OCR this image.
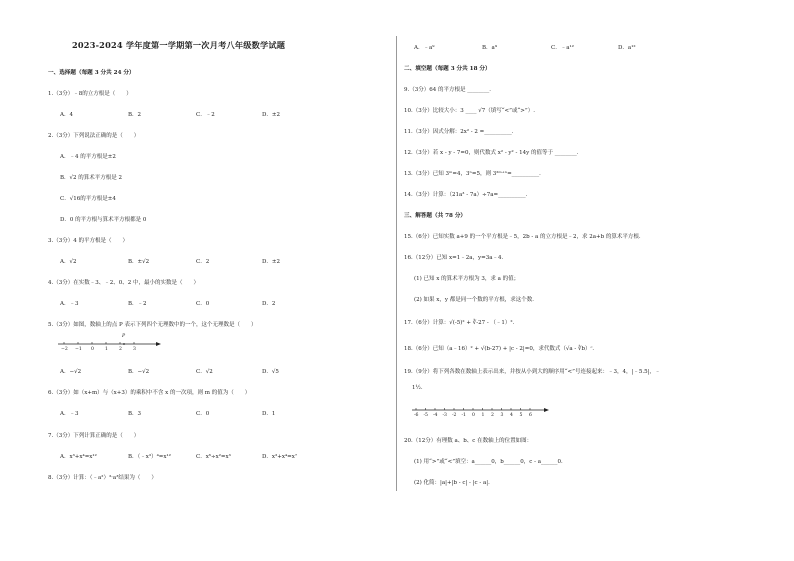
2023-2024 学年度第一学期第一次月考八年级数学试题
一、选择题（每题 3 分共 24 分）
1.（3分）﹣8的立方根是（　　）
A．4	B．2	C．﹣2	D．±2
2.（3分）下列说法正确的是（　　）
A．﹣4 的平方根是±2
B．√2 的算术平方根是 2
C．√16的平方根是±4
D．0 的平方根与算术平方根都是 0
3.（3分）4 的平方根是（　　）
A．√2	B．±√2	C．2	D．±2
4.（3分）在实数﹣3、﹣2、0、2 中，最小的实数是（　　）
A．﹣3	B．﹣2	C．0	D．2
5.（3分）如图，数轴上的点 P 表示下列四个无理数中的一个，这个无理数是（　　）
−2 −1 0 1 2 3
P
A．−√2	B．−√2	C．√2	D．√5
6.（3分）如（x+m）与（x+3）的乘积中不含 x 的一次项，则 m 的值为（　　）
A．﹣3	B．3	C．0	D．1
7.（3分）下列计算正确的是（　　）
A．x³+x⁴=x¹²	B．（﹣x³）⁴=x¹²	C．x⁶÷x²=x³	D．x³+x⁴=x⁷
8.（3分）计算：（﹣a²）³·a³结果为（　　）
A．﹣a⁹	B．a⁹	C．﹣a¹²	D．a¹²
二、填空题（每题 3 分共 18 分）
9.（3分）64 的平方根是 ________．
10.（3分）比较大小：3 ____ √7（填写“<”或“>”）.
11.（3分）因式分解：2x² - 2 =__________．
12.（3分）若 x - y - 7=0，则代数式 x² - y² - 14y 的值等于 ________．
13.（3分）已知 3ᵐ=4，3ⁿ=5，则 3²ᵐ⁺ⁿ=__________．
14.（3分）计算：（21a³ - 7a）÷7a=__________．
三、解答题（共 78 分）
15.（6分）已知实数 a+9 的一个平方根是﹣5，2b - a 的立方根是﹣2，求 2a+b 的算术平方根．
16.（12分）已知 x=1﹣2a，y=3a﹣4．
(1) 已知 x 的算术平方根为 3，求 a 的值；
(2) 如果 x，y 都是同一个数的平方根，求这个数．
17.（6分）计算：√(-5)² + ∛-27 - （﹣1）²．
18.（6分）已知（a﹣16）² + √(b-27) + |c - 2|=0，求代数式（√a - ∛b）ᶜ．
19.（9分）将下列各数在数轴上表示出来，并按从小到大的顺序用“<”号连接起来：﹣3，4，|﹣5.5|，﹣
1½．
-6 -5 -4 -3 -2 -1 0 1 2 3 4 5 6
20.（12分）有理数 a、b、c 在数轴上的位置如图：
(1) 用“>”或“<”填空：a______0，b______0，c - a______0．
(2) 化简：|a|+|b - c| - |c - a|．
